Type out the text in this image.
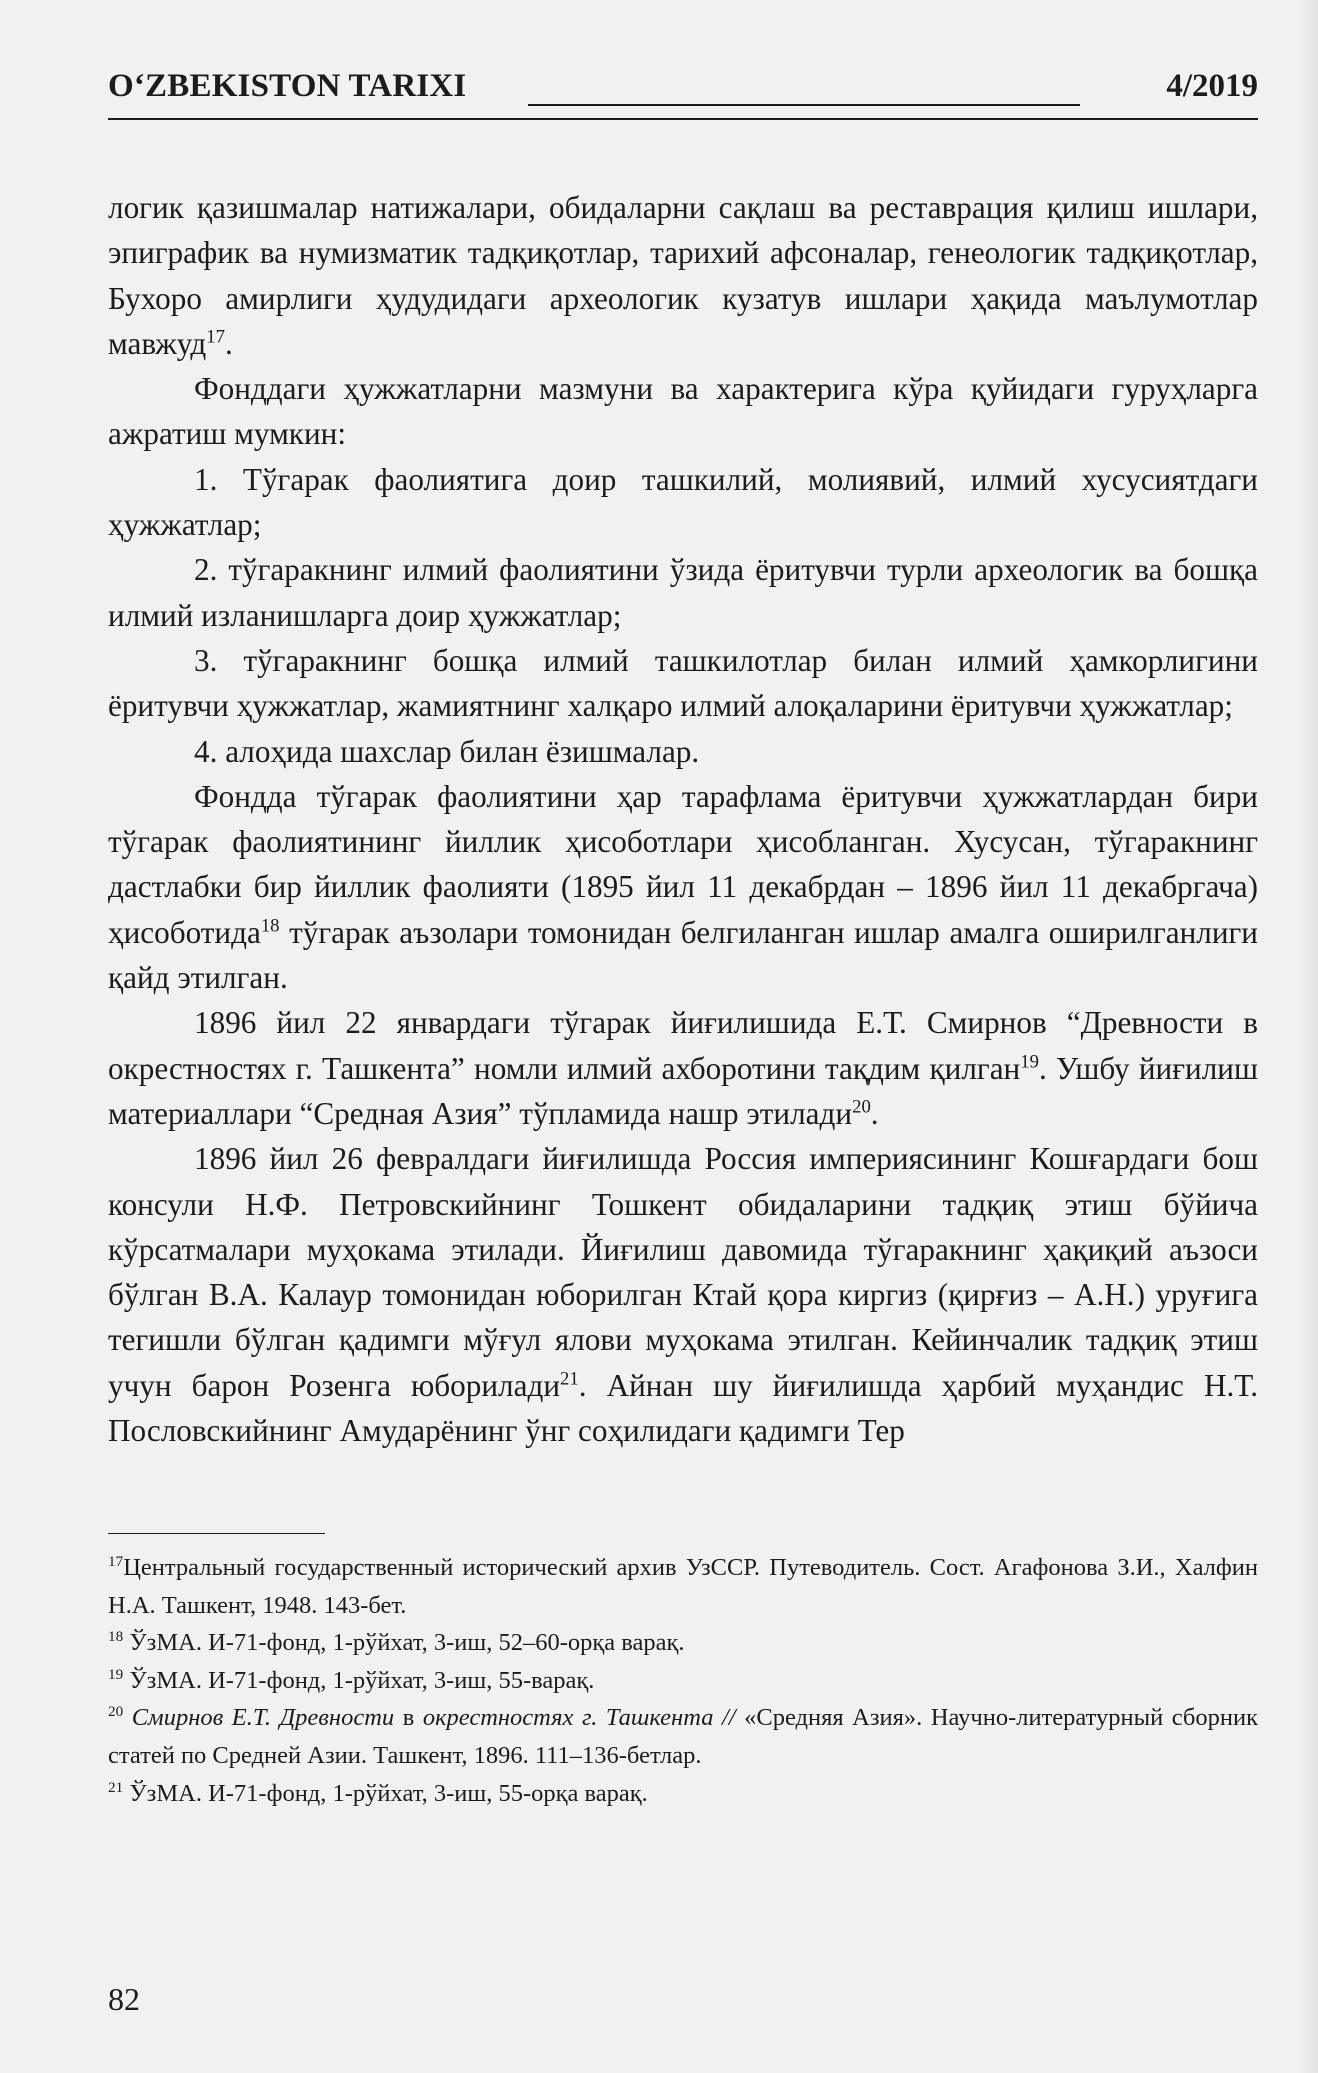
O‘ZBEKISTON TARIXI	4/2019

логик қазишмалар натижалари, обидаларни сақлаш ва реставрация қилиш ишлари, эпиграфик ва нумизматик тадқиқотлар, тарихий афсоналар, генеологик тадқиқотлар, Бухоро амирлиги ҳудудидаги археологик кузатув ишлари ҳақида маълумотлар мавжуд$^{17}$.

Фонддаги ҳужжатларни мазмуни ва характерига кўра қуйидаги гуруҳларга ажратиш мумкин:

1. Тўгарак фаолиятига доир ташкилий, молиявий, илмий хусусиятдаги ҳужжатлар;

2. тўгаракнинг илмий фаолиятини ўзида ёритувчи турли археологик ва бошқа илмий изланишларга доир ҳужжатлар;

3. тўгаракнинг бошқа илмий ташкилотлар билан илмий ҳамкорлигини ёритувчи ҳужжатлар, жамиятнинг халқаро илмий алоқаларини ёритувчи ҳужжатлар;

4. алоҳида шахслар билан ёзишмалар.

Фондда тўгарак фаолиятини ҳар тарафлама ёритувчи ҳужжатлардан бири тўгарак фаолиятининг йиллик ҳисоботлари ҳисобланган. Хусусан, тўгаракнинг дастлабки бир йиллик фаолияти (1895 йил 11 декабрдан – 1896 йил 11 декабргача) ҳисоботида$^{18}$ тўгарак аъзолари томонидан белгиланган ишлар амалга оширилганлиги қайд этилган.

1896 йил 22 январдаги тўгарак йиғилишида Е.Т. Смирнов “Древности в окрестностях г. Ташкента” номли илмий ахборотини тақдим қилган$^{19}$. Ушбу йиғилиш материаллари “Средная Азия” тўпламида нашр этилади$^{20}$.

1896 йил 26 февралдаги йиғилишда Россия империясининг Кошғардаги бош консули Н.Ф. Петровскийнинг Тошкент обидаларини тадқиқ этиш бўйича кўрсатмалари муҳокама этилади. Йиғилиш давомида тўгаракнинг ҳақиқий аъзоси бўлган В.А. Калаур томонидан юборилган Ктай қора киргиз (қирғиз – А.Н.) уруғига тегишли бўлган қадимги мўғул ялови муҳокама этилган. Кейинчалик тадқиқ этиш учун барон Розенга юборилади$^{21}$. Айнан шу йиғилишда ҳарбий муҳандис Н.Т. Пословскийнинг Амударёнинг ўнг соҳилидаги қадимги Тер

$^{17}$Центральный государственный исторический архив УзССР. Путеводитель. Сост. Агафонова З.И., Халфин Н.А. Ташкент, 1948. 143-бет.

$^{18}$ ЎзМА. И-71-фонд, 1-рўйхат, 3-иш, 52–60-орқа варақ.

$^{19}$ ЎзМА. И-71-фонд, 1-рўйхат, 3-иш, 55-варақ.

$^{20}$ Смирнов Е.Т. Древности в окрестностях г. Ташкента // «Средняя Азия». Научно-литературный сборник статей по Средней Азии. Ташкент, 1896. 111–136-бетлар.

$^{21}$ ЎзМА. И-71-фонд, 1-рўйхат, 3-иш, 55-орқа варақ.

82
